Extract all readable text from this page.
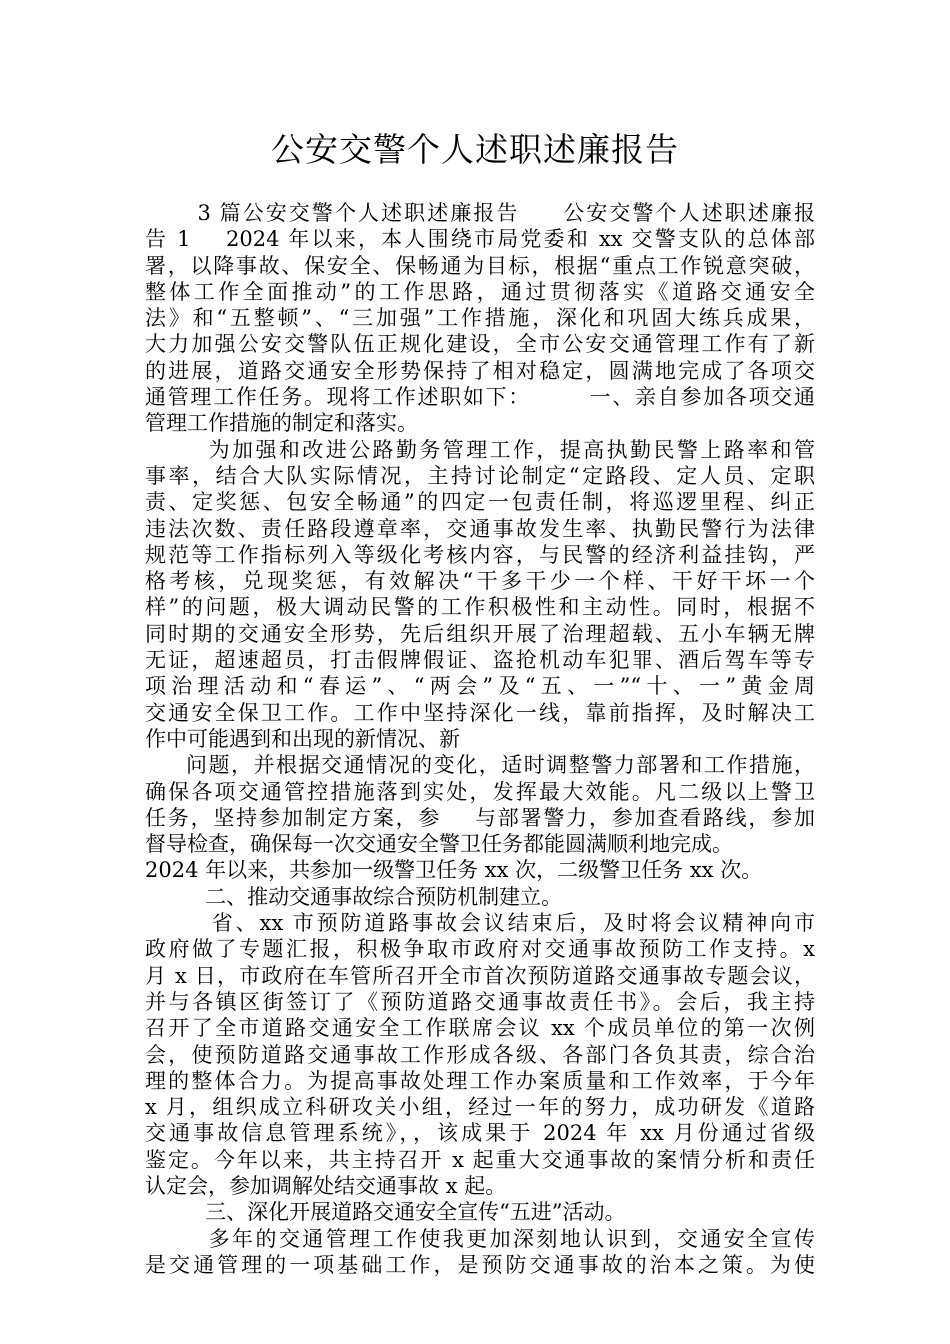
公安交警个人述职述廉报告
3 篇公安交警个人述职述廉报告     公安交警个人述职述廉报
告 1    2024 年以来，本人围绕市局党委和 xx 交警支队的总体部
署，以降事故、保安全、保畅通为目标，根据“重点工作锐意突破，
整体工作全面推动”的工作思路，通过贯彻落实《道路交通安全
法》和“五整顿”、“三加强”工作措施，深化和巩固大练兵成果，
大力加强公安交警队伍正规化建设，全市公安交通管理工作有了新
的进展，道路交通安全形势保持了相对稳定，圆满地完成了各项交
通管理工作任务。现将工作述职如下：       一、亲自参加各项交通
管理工作措施的制定和落实。
为加强和改进公路勤务管理工作，提高执勤民警上路率和管
事率，结合大队实际情况，主持讨论制定“定路段、定人员、定职
责、定奖惩、包安全畅通”的四定一包责任制，将巡逻里程、纠正
违法次数、责任路段遵章率，交通事故发生率、执勤民警行为法律
规范等工作指标列入等级化考核内容，与民警的经济利益挂钩，严
格考核，兑现奖惩，有效解决“干多干少一个样、干好干坏一个
样”的问题，极大调动民警的工作积极性和主动性。同时，根据不
同时期的交通安全形势，先后组织开展了治理超载、五小车辆无牌
无证，超速超员，打击假牌假证、盗抢机动车犯罪、酒后驾车等专
项治理活动和“春运”、“两会”及“五、一”“十、一”黄金周
交通安全保卫工作。工作中坚持深化一线，靠前指挥，及时解决工
作中可能遇到和出现的新情况、新
问题，并根据交通情况的变化，适时调整警力部署和工作措施，
确保各项交通管控措施落到实处，发挥最大效能。凡二级以上警卫
任务，坚持参加制定方案，参    与部署警力，参加查看路线，参加
督导检查，确保每一次交通安全警卫任务都能圆满顺利地完成。
2024 年以来，共参加一级警卫任务 xx 次，二级警卫任务 xx 次。
二、推动交通事故综合预防机制建立。
省、xx 市预防道路事故会议结束后，及时将会议精神向市
政府做了专题汇报，积极争取市政府对交通事故预防工作支持。x
月 x 日，市政府在车管所召开全市首次预防道路交通事故专题会议，
并与各镇区街签订了《预防道路交通事故责任书》。会后，我主持
召开了全市道路交通安全工作联席会议 xx 个成员单位的第一次例
会，使预防道路交通事故工作形成各级、各部门各负其责，综合治
理的整体合力。为提高事故处理工作办案质量和工作效率，于今年
x 月，组织成立科研攻关小组，经过一年的努力，成功研发《道路
交通事故信息管理系统》，，该成果于 2024 年 xx 月份通过省级
鉴定。今年以来，共主持召开 x 起重大交通事故的案情分析和责任
认定会，参加调解处结交通事故 x 起。
三、深化开展道路交通安全宣传“五进”活动。
多年的交通管理工作使我更加深刻地认识到，交通安全宣传
是交通管理的一项基础工作，是预防交通事故的治本之策。为使
